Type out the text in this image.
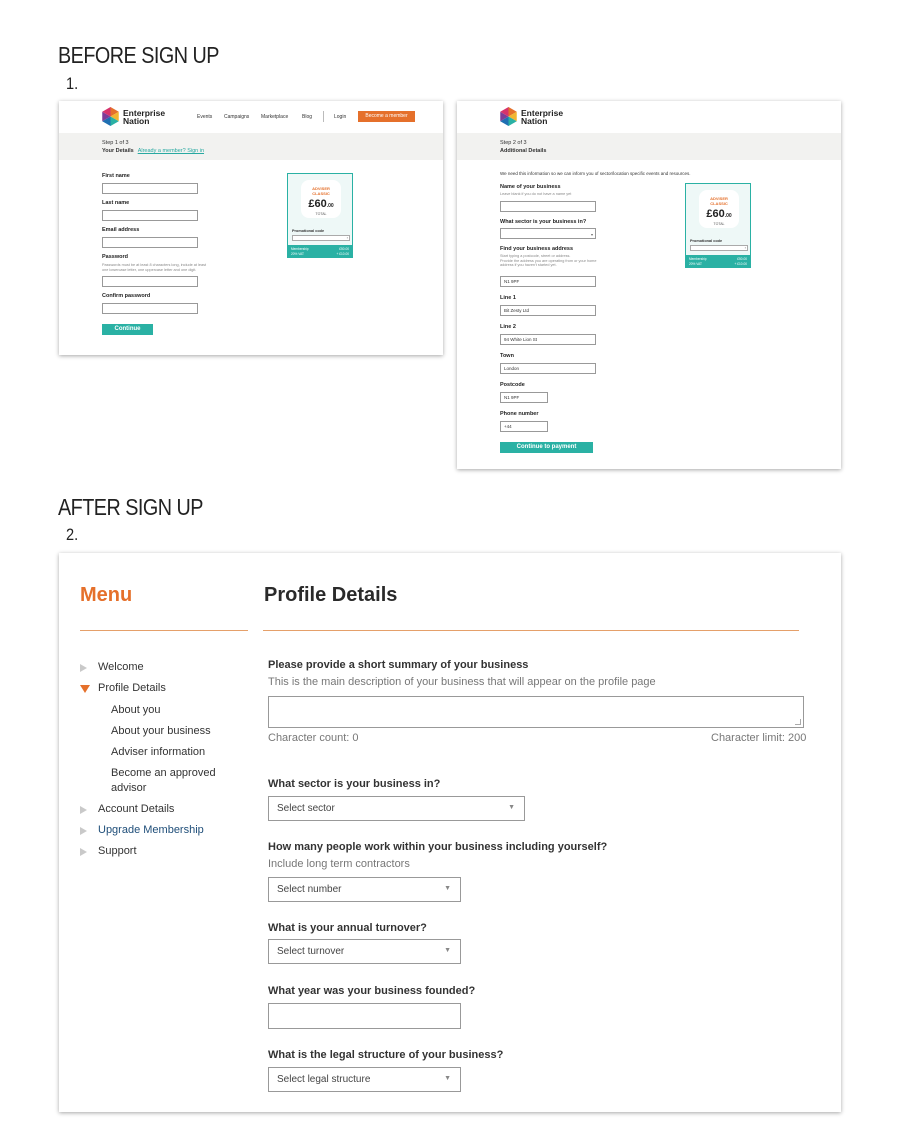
BEFORE SIGN UP
1.
Enterprise
Nation	Events Campaigns Marketplace	Blog	Login	Become a member
Step 1 of 3
Your Details Already a member? Sign in
First name
Last name
Email address
Password
Passwords must be at least 8 characters long, include at least
one lowercase letter, one uppercase letter and one digit.
Confirm password
Continue
ADVISER
CLASSIC
£60.00
TOTAL
Promotional code
›
Membership	£50.00
20% VAT	+ £10.00
Enterprise
Nation
Step 2 of 3
Additional Details
We need this information so we can inform you of sector/location specific events and resources.
Name of your business
Leave blank if you do not have a name yet
What sector is your business in?
▾
Find your business address
Start typing a postcode, street or address.
Provide the address you are operating from or your home
address if you haven't started yet.
N1 9PF
Line 1
Bit Zesty Ltd
Line 2
94 White Lion St
Town
London
Postcode
N1 9PF
Phone number
+44
Continue to payment
ADVISER
CLASSIC
£60.00
TOTAL
Promotional code
›
Membership	£50.00
20% VAT	+ £10.00
AFTER SIGN UP
2.
Menu	Profile Details
Welcome
Profile Details
About you
About your business
Adviser information
Become an approved
advisor
Account Details
Upgrade Membership
Support
Please provide a short summary of your business
This is the main description of your business that will appear on the profile page
Character count: 0	Character limit: 200
What sector is your business in?
Select sector	▼
How many people work within your business including yourself?
Include long term contractors
Select number	▼
What is your annual turnover?
Select turnover	▼
What year was your business founded?
What is the legal structure of your business?
Select legal structure	▼
